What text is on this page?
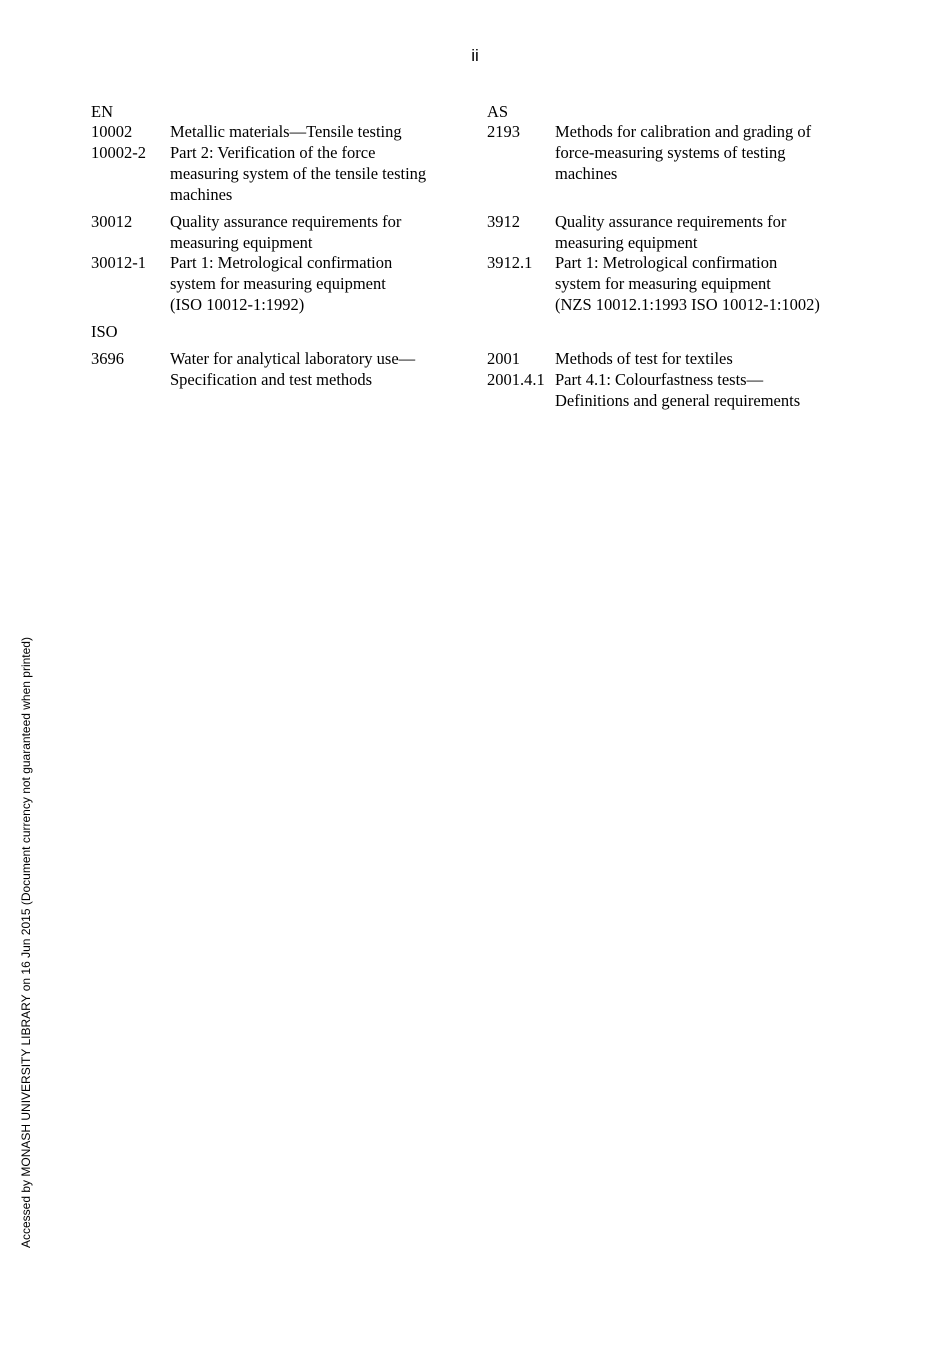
ii
EN
10002 Metallic materials—Tensile testing
10002-2 Part 2: Verification of the force
measuring system of the tensile testing
machines
30012 Quality assurance requirements for
measuring equipment
30012-1 Part 1: Metrological confirmation
system for measuring equipment
(ISO 10012-1:1992)
ISO
3696	Water for analytical laboratory use—
Specification and test methods
AS
2193 Methods for calibration and grading of
force-measuring systems of testing
machines
3912 Quality assurance requirements for
measuring equipment
3912.1 Part 1: Metrological confirmation
system for measuring equipment
(NZS 10012.1:1993 ISO 10012-1:1002)
2001 Methods of test for textiles
2001.4.1 Part 4.1: Colourfastness tests—
Definitions and general requirements
Accessed by MONASH UNIVERSITY LIBRARY on 16 Jun 2015 (Document currency not guaranteed when printed)
